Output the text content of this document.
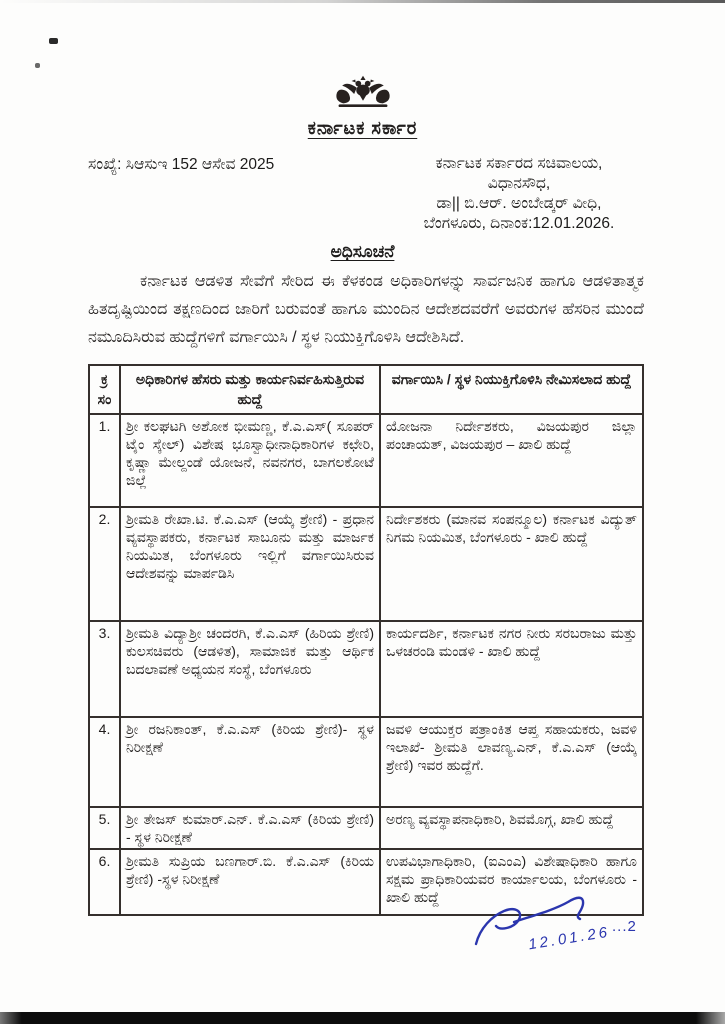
ಕರ್ನಾಟಕ ಸರ್ಕಾರ
ಸಂಖ್ಯೆ: ಸಿಆಸುಇ 152 ಆಸೇವ 2025	ಕರ್ನಾಟಕ ಸರ್ಕಾರದ ಸಚಿವಾಲಯ,
ವಿಧಾನಸೌಧ,
ಡಾ|| ಬಿ.ಆರ್. ಅಂಬೇಡ್ಕರ್ ವೀಧಿ,
ಬೆಂಗಳೂರು, ದಿನಾಂಕ:12.01.2026.
ಅಧಿಸೂಚನೆ

ಕರ್ನಾಟಕ ಆಡಳಿತ ಸೇವೆಗೆ ಸೇರಿದ ಈ ಕೆಳಕಂಡ ಅಧಿಕಾರಿಗಳನ್ನು ಸಾರ್ವಜನಿಕ ಹಾಗೂ ಆಡಳಿತಾತ್ಮಕ ಹಿತದೃಷ್ಟಿಯಿಂದ ತಕ್ಷಣದಿಂದ ಜಾರಿಗೆ ಬರುವಂತೆ ಹಾಗೂ ಮುಂದಿನ ಆದೇಶದವರೆಗೆ ಅವರುಗಳ ಹೆಸರಿನ ಮುಂದೆ ನಮೂದಿಸಿರುವ ಹುದ್ದೆಗಳಿಗೆ ವರ್ಗಾಯಿಸಿ / ಸ್ಥಳ ನಿಯುಕ್ತಿಗೊಳಿಸಿ ಆದೇಶಿಸಿದೆ.

ಕ್ರ ಸಂ	ಅಧಿಕಾರಿಗಳ ಹೆಸರು ಮತ್ತು ಕಾರ್ಯನಿರ್ವಹಿಸುತ್ತಿರುವ ಹುದ್ದೆ	ವರ್ಗಾಯಿಸಿ / ಸ್ಥಳ ನಿಯುಕ್ತಿಗೊಳಿಸಿ ನೇಮಿಸಲಾದ ಹುದ್ದೆ
1.	ಶ್ರೀ ಕಲಘಟಗಿ ಅಶೋಕ ಭೀಮಣ್ಣ, ಕೆ.ಎ.ಎಸ್( ಸೂಪರ್ ಟೈಂ ಸ್ಕೇಲ್) ವಿಶೇಷ ಭೂಸ್ವಾಧೀನಾಧಿಕಾರಿಗಳ ಕಛೇರಿ, ಕೃಷ್ಣಾ ಮೇಲ್ದಂಡೆ ಯೋಜನೆ, ನವನಗರ, ಬಾಗಲಕೋಟೆ ಜಿಲ್ಲೆ	ಯೋಜನಾ ನಿರ್ದೇಶಕರು, ವಿಜಯಪುರ ಜಿಲ್ಲಾ ಪಂಚಾಯತ್, ವಿಜಯಪುರ – ಖಾಲಿ ಹುದ್ದೆ
2.	ಶ್ರೀಮತಿ ರೇಖಾ.ಟಿ. ಕೆ.ಎ.ಎಸ್ (ಆಯ್ಕೆ ಶ್ರೇಣಿ) - ಪ್ರಧಾನ ವ್ಯವಸ್ಥಾಪಕರು, ಕರ್ನಾಟಕ ಸಾಬೂನು ಮತ್ತು ಮಾರ್ಜಕ ನಿಯಮಿತ, ಬೆಂಗಳೂರು ಇಲ್ಲಿಗೆ ವರ್ಗಾಯಿಸಿರುವ ಆದೇಶವನ್ನು ಮಾರ್ಪಡಿಸಿ	ನಿರ್ದೇಶಕರು (ಮಾನವ ಸಂಪನ್ಮೂಲ) ಕರ್ನಾಟಕ ವಿದ್ಯುತ್ ನಿಗಮ ನಿಯಮಿತ, ಬೆಂಗಳೂರು - ಖಾಲಿ ಹುದ್ದೆ
3.	ಶ್ರೀಮತಿ ವಿದ್ಯಾಶ್ರೀ ಚಂದರಗಿ, ಕೆ.ಎ.ಎಸ್ (ಹಿರಿಯ ಶ್ರೇಣಿ) ಕುಲಸಚಿವರು (ಆಡಳಿತ), ಸಾಮಾಜಿಕ ಮತ್ತು ಆರ್ಥಿಕ ಬದಲಾವಣೆ ಅಧ್ಯಯನ ಸಂಸ್ಥೆ, ಬೆಂಗಳೂರು	ಕಾರ್ಯದರ್ಶಿ, ಕರ್ನಾಟಕ ನಗರ ನೀರು ಸರಬರಾಜು ಮತ್ತು ಒಳಚರಂಡಿ ಮಂಡಳಿ - ಖಾಲಿ ಹುದ್ದೆ
4.	ಶ್ರೀ ರಜನಿಕಾಂತ್, ಕೆ.ಎ.ಎಸ್ (ಕಿರಿಯ ಶ್ರೇಣಿ)- ಸ್ಥಳ ನಿರೀಕ್ಷಣೆ	ಜವಳಿ ಆಯುಕ್ತರ ಪತ್ರಾಂಕಿತ ಆಪ್ತ ಸಹಾಯಕರು, ಜವಳಿ ಇಲಾಖೆ- ಶ್ರೀಮತಿ ಲಾವಣ್ಯ.ಎನ್, ಕೆ.ಎ.ಎಸ್ (ಆಯ್ಕೆ ಶ್ರೇಣಿ) ಇವರ ಹುದ್ದೆಗೆ.
5.	ಶ್ರೀ ತೇಜಸ್ ಕುಮಾರ್.ಎನ್. ಕೆ.ಎ.ಎಸ್ (ಕಿರಿಯ ಶ್ರೇಣಿ) - ಸ್ಥಳ ನಿರೀಕ್ಷಣೆ	ಅರಣ್ಯ ವ್ಯವಸ್ಥಾಪನಾಧಿಕಾರಿ, ಶಿವಮೊಗ್ಗ, ಖಾಲಿ ಹುದ್ದೆ
6.	ಶ್ರೀಮತಿ ಸುಪ್ರಿಯ ಬಣಗಾರ್.ಬಿ. ಕೆ.ಎ.ಎಸ್ (ಕಿರಿಯ ಶ್ರೇಣಿ) -ಸ್ಥಳ ನಿರೀಕ್ಷಣೆ	ಉಪವಿಭಾಗಾಧಿಕಾರಿ, (ಐಎಂಎ) ವಿಶೇಷಾಧಿಕಾರಿ ಹಾಗೂ ಸಕ್ಷಮ ಪ್ರಾಧಿಕಾರಿಯವರ ಕಾರ್ಯಾಲಯ, ಬೆಂಗಳೂರು - ಖಾಲಿ ಹುದ್ದೆ
12.01.26 ...2
